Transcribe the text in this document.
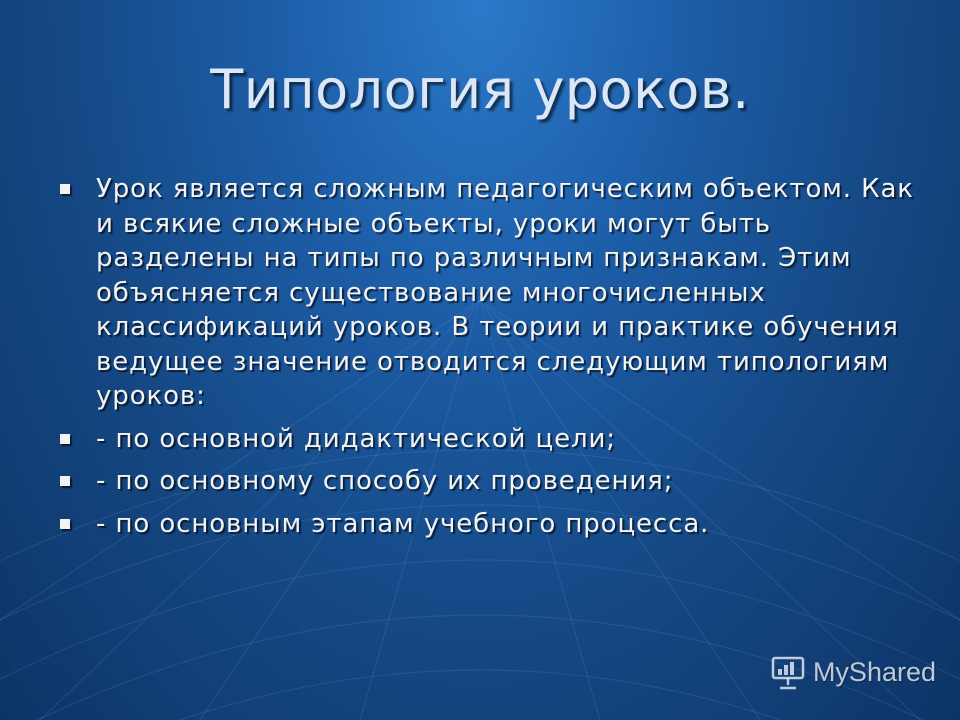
Типология уроков.
Урок является сложным педагогическим объектом. Как и всякие сложные объекты, уроки могут быть разделены на типы по различным признакам. Этим объясняется существование многочисленных классификаций уроков. В теории и практике обучения ведущее значение отводится следующим типологиям уроков:
- по основной дидактической цели;
- по основному способу их проведения;
- по основным этапам учебного процесса.
MyShared
